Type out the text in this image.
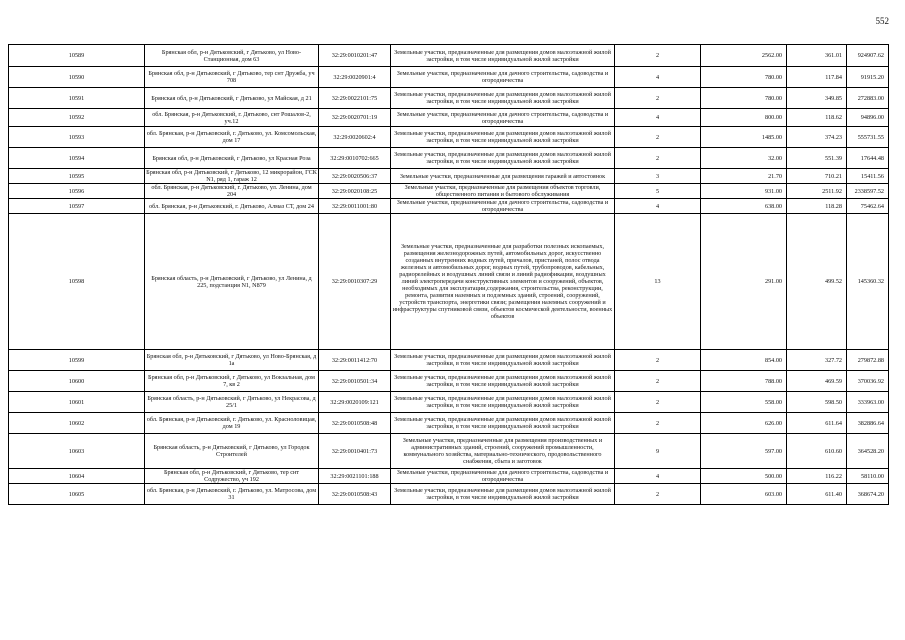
552
10589	Брянская обл, р-н Дятьковский, г Дятьково, ул Ново-Станционная, дом 63	32:29:0010201:47	Земельные участки, предназначенные для размещения домов малоэтажной жилой застройки, в том числе индивидуальной жилой застройки	2	2562.00	361.01	924907.62
10590	Брянская обл, р-н Дятьковский, г Дятьково, тер снт Дружба, уч 708	32:29:0020901:4	Земельные участки, предназначенные для дачного строительства, садоводства и огородничества	4	780.00	117.84	91915.20
10591	Брянская обл, р-н Дятьковский, г Дятьково, ул Майская, д 21	32:29:0022101:75	Земельные участки, предназначенные для размещения домов малоэтажной жилой застройки, в том числе индивидуальной жилой застройки	2	780.00	349.85	272883.00
10592	обл. Брянская, р-н Дятьковский, г. Дятьково, снт Рошалов-2, уч.12	32:29:0020701:19	Земельные участки, предназначенные для дачного строительства, садоводства и огородничества	4	800.00	118.62	94896.00
10593	обл. Брянская, р-н Дятьковский, г. Дятьково, ул. Комсомольская, дом 17	32:29:0020602:4	Земельные участки, предназначенные для размещения домов малоэтажной жилой застройки, в том числе индивидуальной жилой застройки	2	1485.00	374.23	555731.55
10594	Брянская обл, р-н Дятьковский, г Дятьково, ул Красная Роза	32:29:0010702:665	Земельные участки, предназначенные для размещения домов малоэтажной жилой застройки, в том числе индивидуальной жилой застройки	2	32.00	551.39	17644.48
10595	Брянская обл, р-н Дятьковский, г Дятьково, 12 микрорайон, ГСК N1, ряд 1, гараж 12	32:29:0020506:37	Земельные участки, предназначенные для размещения гаражей и автостоянок	3	21.70	710.21	15411.56
10596	обл. Брянская, р-н Дятьковский, г. Дятьково, ул. Ленина, дом 204	32:29:0020108:25	Земельные участки, предназначенные для размещения объектов торговли, общественного питания и бытового обслуживания	5	931.00	2511.92	2338597.52
10597	обл. Брянская, р-н Дятьковский, г. Дятьково, Алмаз СТ, дом 24	32:29:0011001:80	Земельные участки, предназначенные для дачного строительства, садоводства и огородничества	4	638.00	118.28	75462.64
10598	Брянская область, р-н Дятьковский, г Дятьково, ул Ленина, д 225, подстанция N1, N879	32:29:0010307:29	Земельные участки, предназначенные для разработки полезных ископаемых, размещения железнодорожных путей, автомобильных дорог, искусственно созданных внутренних водных путей, причалов, пристаней, полос отвода железных и автомобильных дорог, водных путей, трубопроводов, кабельных, радиорелейных и воздушных линий связи и линий радиофикации, воздушных линий электропередачи конструктивных элементов и сооружений, объектов, необходимых для эксплуатации,содержания, строительства, реконструкции, ремонта, развития наземных и подземных зданий, строений, сооружений, устройств транспорта, энергетики связи; размещения наземных сооружений и инфраструктуры спутниковой связи, объектов космической деятельности, военных объектов	13	291.00	499.52	145360.32
10599	Брянская обл, р-н Дятьковский, г Дятьково, ул Ново-Брянская, д 1а	32:29:0011412:70	Земельные участки, предназначенные для размещения домов малоэтажной жилой застройки, в том числе индивидуальной жилой застройки	2	854.00	327.72	279872.88
10600	Брянская обл, р-н Дятьковский, г Дятьково, ул Вокзальная, дом 7, кв 2	32:29:0010501:34	Земельные участки, предназначенные для размещения домов малоэтажной жилой застройки, в том числе индивидуальной жилой застройки	2	788.00	469.59	370036.92
10601	Брянская область, р-н Дятьковский, г Дятьково, ул Некрасова, д 25/1	32:29:0020109:121	Земельные участки, предназначенные для размещения домов малоэтажной жилой застройки, в том числе индивидуальной жилой застройки	2	558.00	598.50	333963.00
10602	обл. Брянская, р-н Дятьковский, г. Дятьково, ул. Красноловицая, дом 19	32:29:0010508:48	Земельные участки, предназначенные для размещения домов малоэтажной жилой застройки, в том числе индивидуальной жилой застройки	2	626.00	611.64	382886.64
10603	Брянская область, р-н Дятьковский, г Дятьково, ул Городок Строителей	32:29:0010401:73	Земельные участки, предназначенные для размещения производственных и административных зданий, строений, сооружений промышленности, коммунального хозяйства, материально-технического, продовольственного снабжения, сбыта и заготовок	9	597.00	610.60	364528.20
10604	Брянская обл, р-н Дятьковский, г Дятьково, тер снт Содружество, уч 192	32:29:0021101:188	Земельные участки, предназначенные для дачного строительства, садоводства и огородничества	4	500.00	116.22	58110.00
10605	обл. Брянская, р-н Дятьковский, г. Дятьково, ул. Матросова, дом 31	32:29:0010508:43	Земельные участки, предназначенные для размещения домов малоэтажной жилой застройки, в том числе индивидуальной жилой застройки	2	603.00	611.40	368674.20
